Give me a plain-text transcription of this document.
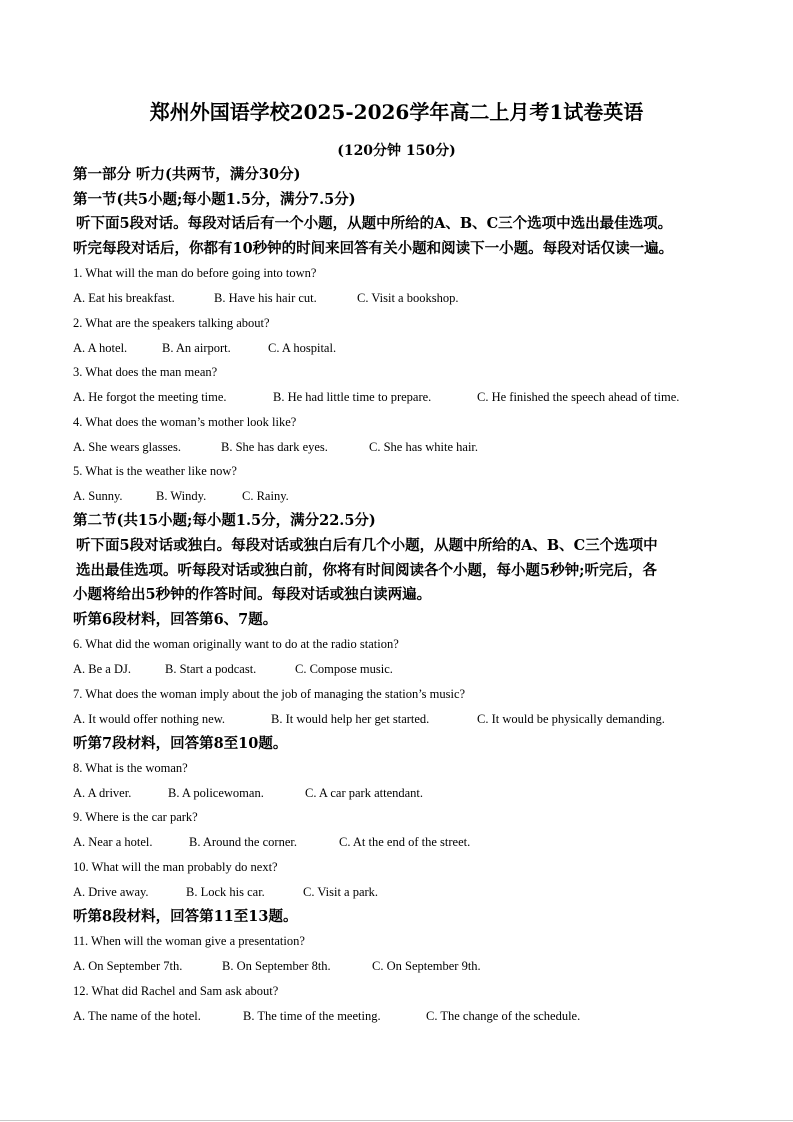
郑州外国语学校2025-2026学年高二上月考1试卷英语
(120分钟 150分)
第一部分 听力(共两节，满分30分)
第一节(共5小题;每小题1.5分，满分7.5分)
听下面5段对话。每段对话后有一个小题，从题中所给的A、B、C三个选项中选出最佳选项。
听完每段对话后，你都有10秒钟的时间来回答有关小题和阅读下一小题。每段对话仅读一遍。
1. What will the man do before going into town?
A. Eat his breakfast.	B. Have his hair cut.	C. Visit a bookshop.
2. What are the speakers talking about?
A. A hotel.	B. An airport.	C. A hospital.
3. What does the man mean?
A. He forgot the meeting time.	B. He had little time to prepare.	C. He finished the speech ahead of time.
4. What does the woman’s mother look like?
A. She wears glasses.	B. She has dark eyes.	C. She has white hair.
5. What is the weather like now?
A. Sunny.	B. Windy.	C. Rainy.
第二节(共15小题;每小题1.5分，满分22.5分)
听下面5段对话或独白。每段对话或独白后有几个小题，从题中所给的A、B、C三个选项中
选出最佳选项。听每段对话或独白前，你将有时间阅读各个小题，每小题5秒钟;听完后，各
小题将给出5秒钟的作答时间。每段对话或独白读两遍。
听第6段材料，回答第6、7题。
6. What did the woman originally want to do at the radio station?
A. Be a DJ.	B. Start a podcast.	C. Compose music.
7. What does the woman imply about the job of managing the station’s music?
A. It would offer nothing new.	B. It would help her get started.	C. It would be physically demanding.
听第7段材料，回答第8至10题。
8. What is the woman?
A. A driver.	B. A policewoman.	C. A car park attendant.
9. Where is the car park?
A. Near a hotel.	B. Around the corner.	C. At the end of the street.
10. What will the man probably do next?
A. Drive away.	B. Lock his car.	C. Visit a park.
听第8段材料，回答第11至13题。
11. When will the woman give a presentation?
A. On September 7th.	B. On September 8th.	C. On September 9th.
12. What did Rachel and Sam ask about?
A. The name of the hotel.	B. The time of the meeting.	C. The change of the schedule.
